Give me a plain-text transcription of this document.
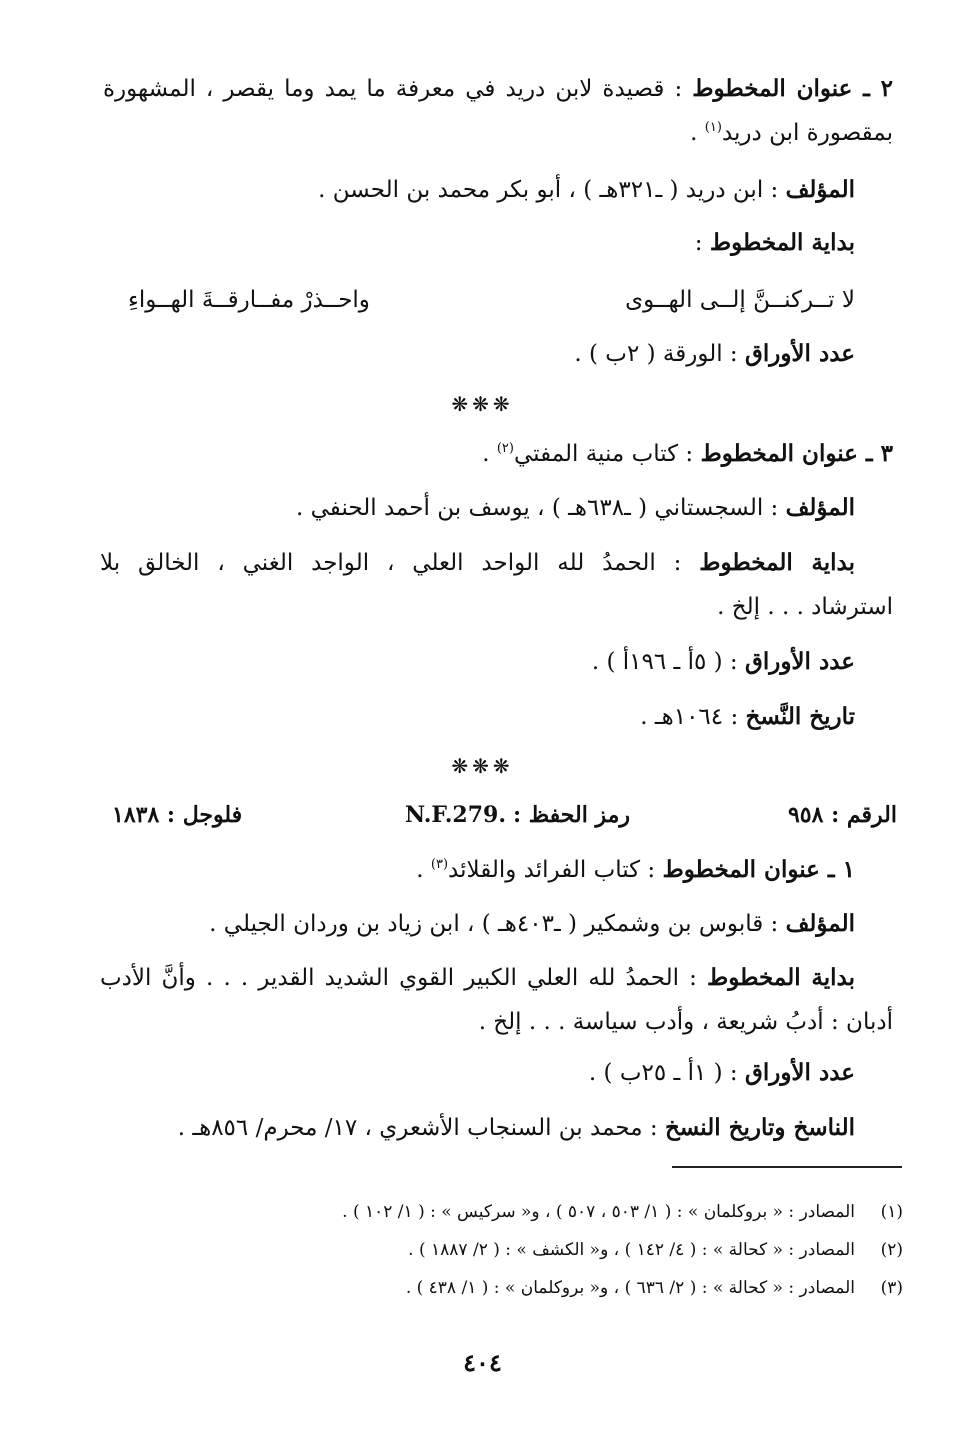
٢ ـ عنوان المخطوط : قصيدة لابن دريد في معرفة ما يمد وما يقصر ، المشهورة
بمقصورة ابن دريد$^{(١)}$ .
المؤلف : ابن دريد ( ـ٣٢١هـ ) ، أبو بكر محمد بن الحسن .
بداية المخطوط :
لا تــركنــنَّ إلــى الهــوى
واحــذرْ مفــارقــةَ الهــواءِ
عدد الأوراق : الورقة ( ٢ب ) .
❋❋❋
٣ ـ عنوان المخطوط : كتاب منية المفتي$^{(٢)}$ .
المؤلف : السجستاني ( ـ٦٣٨هـ ) ، يوسف بن أحمد الحنفي .
بداية المخطوط : الحمدُ لله الواحد العلي ، الواجد الغني ، الخالق بلا
استرشاد . . . إلخ .
عدد الأوراق : ( ٥أ ـ ١٩٦أ ) .
تاريخ النَّسخ : ١٠٦٤هـ .
❋❋❋
الرقم : ٩٥٨
رمز الحفظ : N.F.279.
فلوجل : ١٨٣٨
١ ـ عنوان المخطوط : كتاب الفرائد والقلائد$^{(٣)}$ .
المؤلف : قابوس بن وشمكير ( ـ٤٠٣هـ ) ، ابن زياد بن وردان الجيلي .
بداية المخطوط : الحمدُ لله العلي الكبير القوي الشديد القدير . . . وأنَّ الأدب
أدبان : أدبُ شريعة ، وأدب سياسة . . . إلخ .
عدد الأوراق : ( ١أ ـ ٢٥ب ) .
الناسخ وتاريخ النسخ : محمد بن السنجاب الأشعري ، ١٧/ محرم/ ٨٥٦هـ .
(١)المصادر : « بروكلمان » : ( ١/ ٥٠٣ ، ٥٠٧ ) ، و« سركيس » : ( ١/ ١٠٢ ) .
(٢)المصادر : « كحالة » : ( ٤/ ١٤٢ ) ، و« الكشف » : ( ٢/ ١٨٨٧ ) .
(٣)المصادر : « كحالة » : ( ٢/ ٦٣٦ ) ، و« بروكلمان » : ( ١/ ٤٣٨ ) .
٤٠٤
